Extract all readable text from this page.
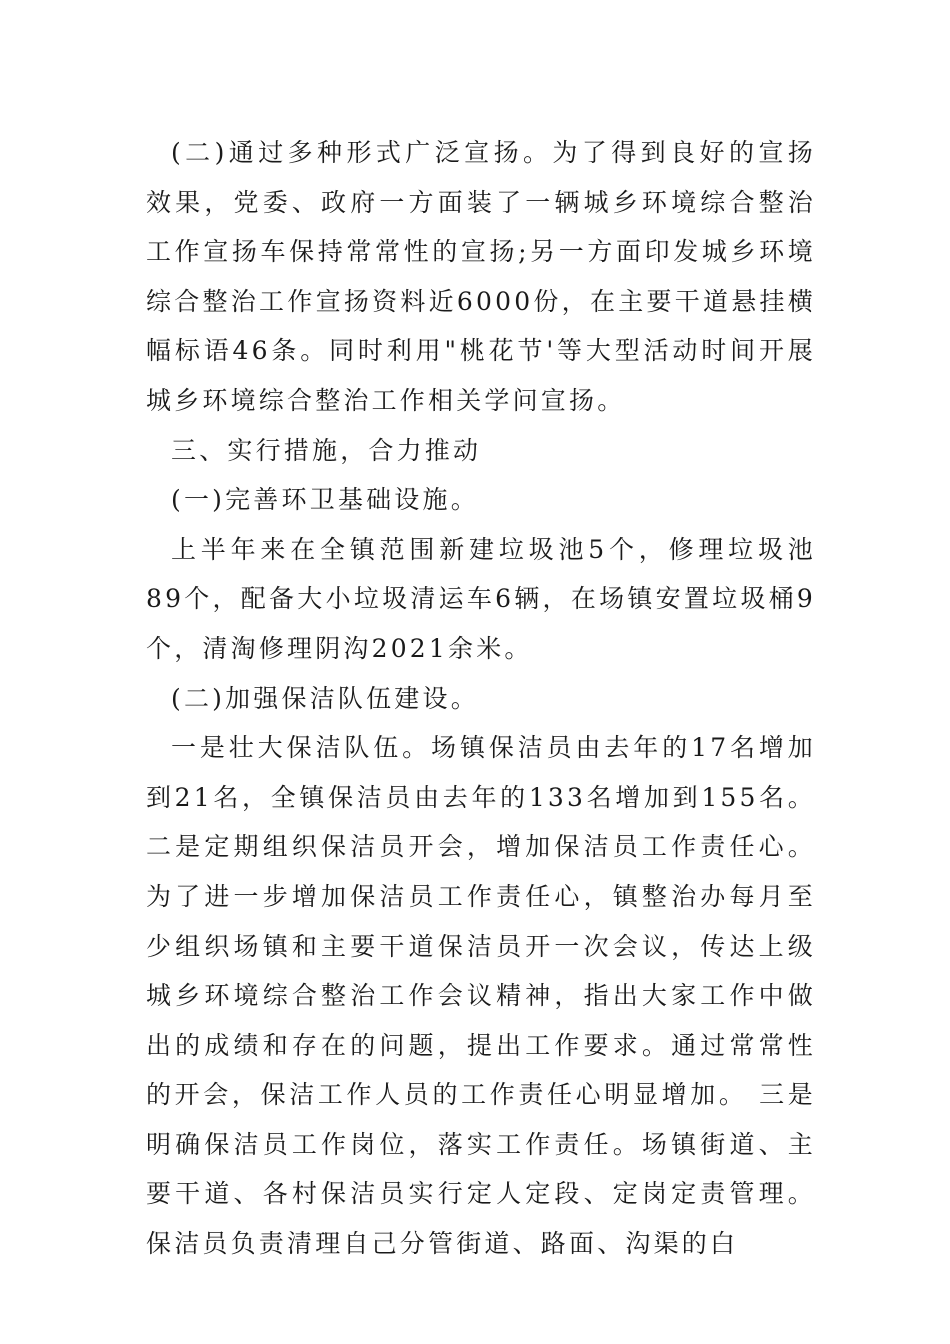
(二)通过多种形式广泛宣扬。为了得到良好的宣扬效果，党委、政府一方面装了一辆城乡环境综合整治工作宣扬车保持常常性的宣扬;另一方面印发城乡环境综合整治工作宣扬资料近6000份，在主要干道悬挂横幅标语46条。同时利用"桃花节'等大型活动时间开展城乡环境综合整治工作相关学问宣扬。

三、实行措施，合力推动

(一)完善环卫基础设施。

上半年来在全镇范围新建垃圾池5个，修理垃圾池89个，配备大小垃圾清运车6辆，在场镇安置垃圾桶9个，清淘修理阴沟2021余米。

(二)加强保洁队伍建设。

一是壮大保洁队伍。场镇保洁员由去年的17名增加到21名，全镇保洁员由去年的133名增加到155名。二是定期组织保洁员开会，增加保洁员工作责任心。为了进一步增加保洁员工作责任心，镇整治办每月至少组织场镇和主要干道保洁员开一次会议，传达上级城乡环境综合整治工作会议精神，指出大家工作中做出的成绩和存在的问题，提出工作要求。通过常常性的开会，保洁工作人员的工作责任心明显增加。 三是明确保洁员工作岗位，落实工作责任。场镇街道、主要干道、各村保洁员实行定人定段、定岗定责管理。保洁员负责清理自己分管街道、路面、沟渠的白
